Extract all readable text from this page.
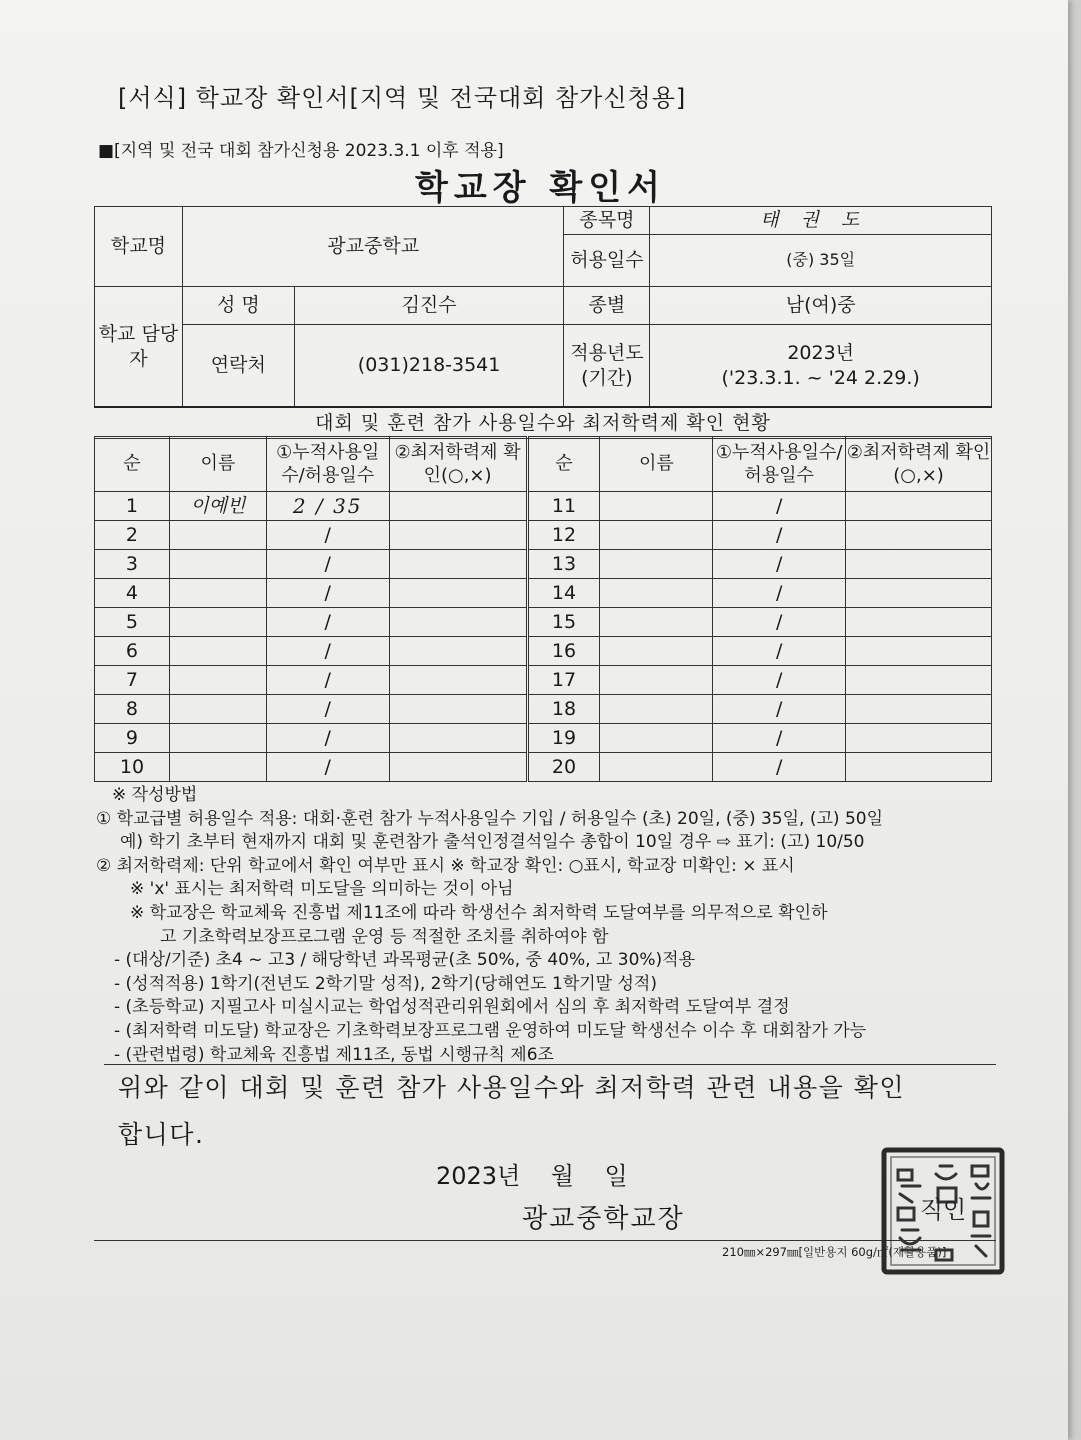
[서식] 학교장 확인서[지역 및 전국대회 참가신청용]
■[지역 및 전국 대회 참가신청용 2023.3.1 이후 적용]
학교장 확인서
학교명	광교중학교		종목명	태권도
			허용일수	(중) 35일
학교 담당자	성 명	김진수	종별	남(여)중
	연락처	(031)218-3541	적용년도 (기간)	2023년
('23.3.1. ~ '24 2.29.)
대회 및 훈련 참가 사용일수와 최저학력제 확인 현황
순	이름	①누적사용일수/허용일수	②최저학력제 확인(○,×)	순	이름	①누적사용일수/허용일수	②최저학력제 확인(○,×)
1	이예빈	2 / 35		11		/	
2		/		12		/	
3		/		13		/	
4		/		14		/	
5		/		15		/	
6		/		16		/	
7		/		17		/	
8		/		18		/	
9		/		19		/	
10		/		20		/	
※ 작성방법
① 학교급별 허용일수 적용: 대회·훈련 참가 누적사용일수 기입 / 허용일수 (초) 20일, (중) 35일, (고) 50일
예) 학기 초부터 현재까지 대회 및 훈련참가 출석인정결석일수 총합이 10일 경우 ⇨ 표기: (고) 10/50
② 최저학력제: 단위 학교에서 확인 여부만 표시 ※ 학교장 확인: ○표시, 학교장 미확인: × 표시
※ 'x' 표시는 최저학력 미도달을 의미하는 것이 아님
※ 학교장은 학교체육 진흥법 제11조에 따라 학생선수 최저학력 도달여부를 의무적으로 확인하
고 기초학력보장프로그램 운영 등 적절한 조치를 취하여야 함
- (대상/기준) 초4 ~ 고3 / 해당학년 과목평균(초 50%, 중 40%, 고 30%)적용
- (성적적용) 1학기(전년도 2학기말 성적), 2학기(당해연도 1학기말 성적)
- (초등학교) 지필고사 미실시교는 학업성적관리위원회에서 심의 후 최저학력 도달여부 결정
- (최저학력 미도달) 학교장은 기초학력보장프로그램 운영하여 미도달 학생선수 이수 후 대회참가 가능
- (관련법령) 학교체육 진흥법 제11조, 동법 시행규칙 제6조
위와 같이 대회 및 훈련 참가 사용일수와 최저학력 관련 내용을 확인
합니다.
2023년    월    일
광교중학교장
210㎜×297㎜[일반용지 60g/㎡(재활용품)]
직인
